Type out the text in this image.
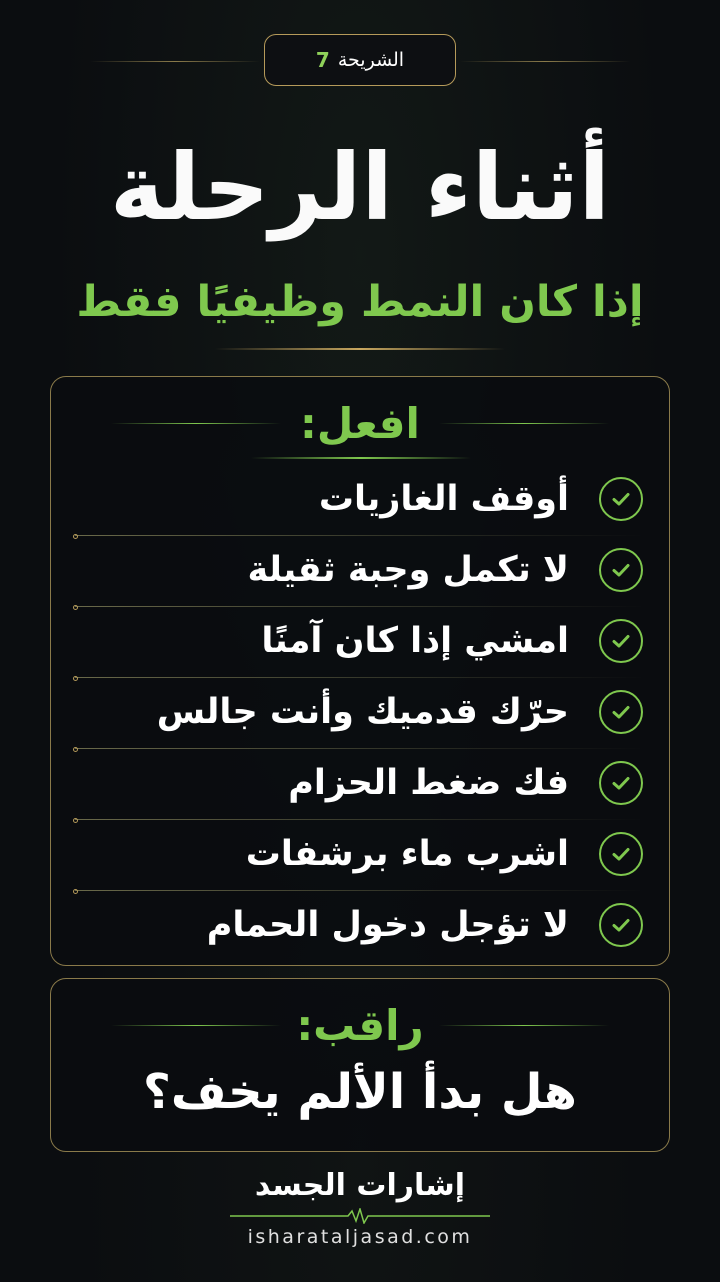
الشريحة
7
أثناء الرحلة
إذا كان النمط وظيفيًا فقط
افعل:
أوقف الغازيات
لا تكمل وجبة ثقيلة
امشي إذا كان آمنًا
حرّك قدميك وأنت جالس
فك ضغط الحزام
اشرب ماء برشفات
لا تؤجل دخول الحمام
راقب:
هل بدأ الألم يخف؟
إشارات الجسد
isharataljasad.com
